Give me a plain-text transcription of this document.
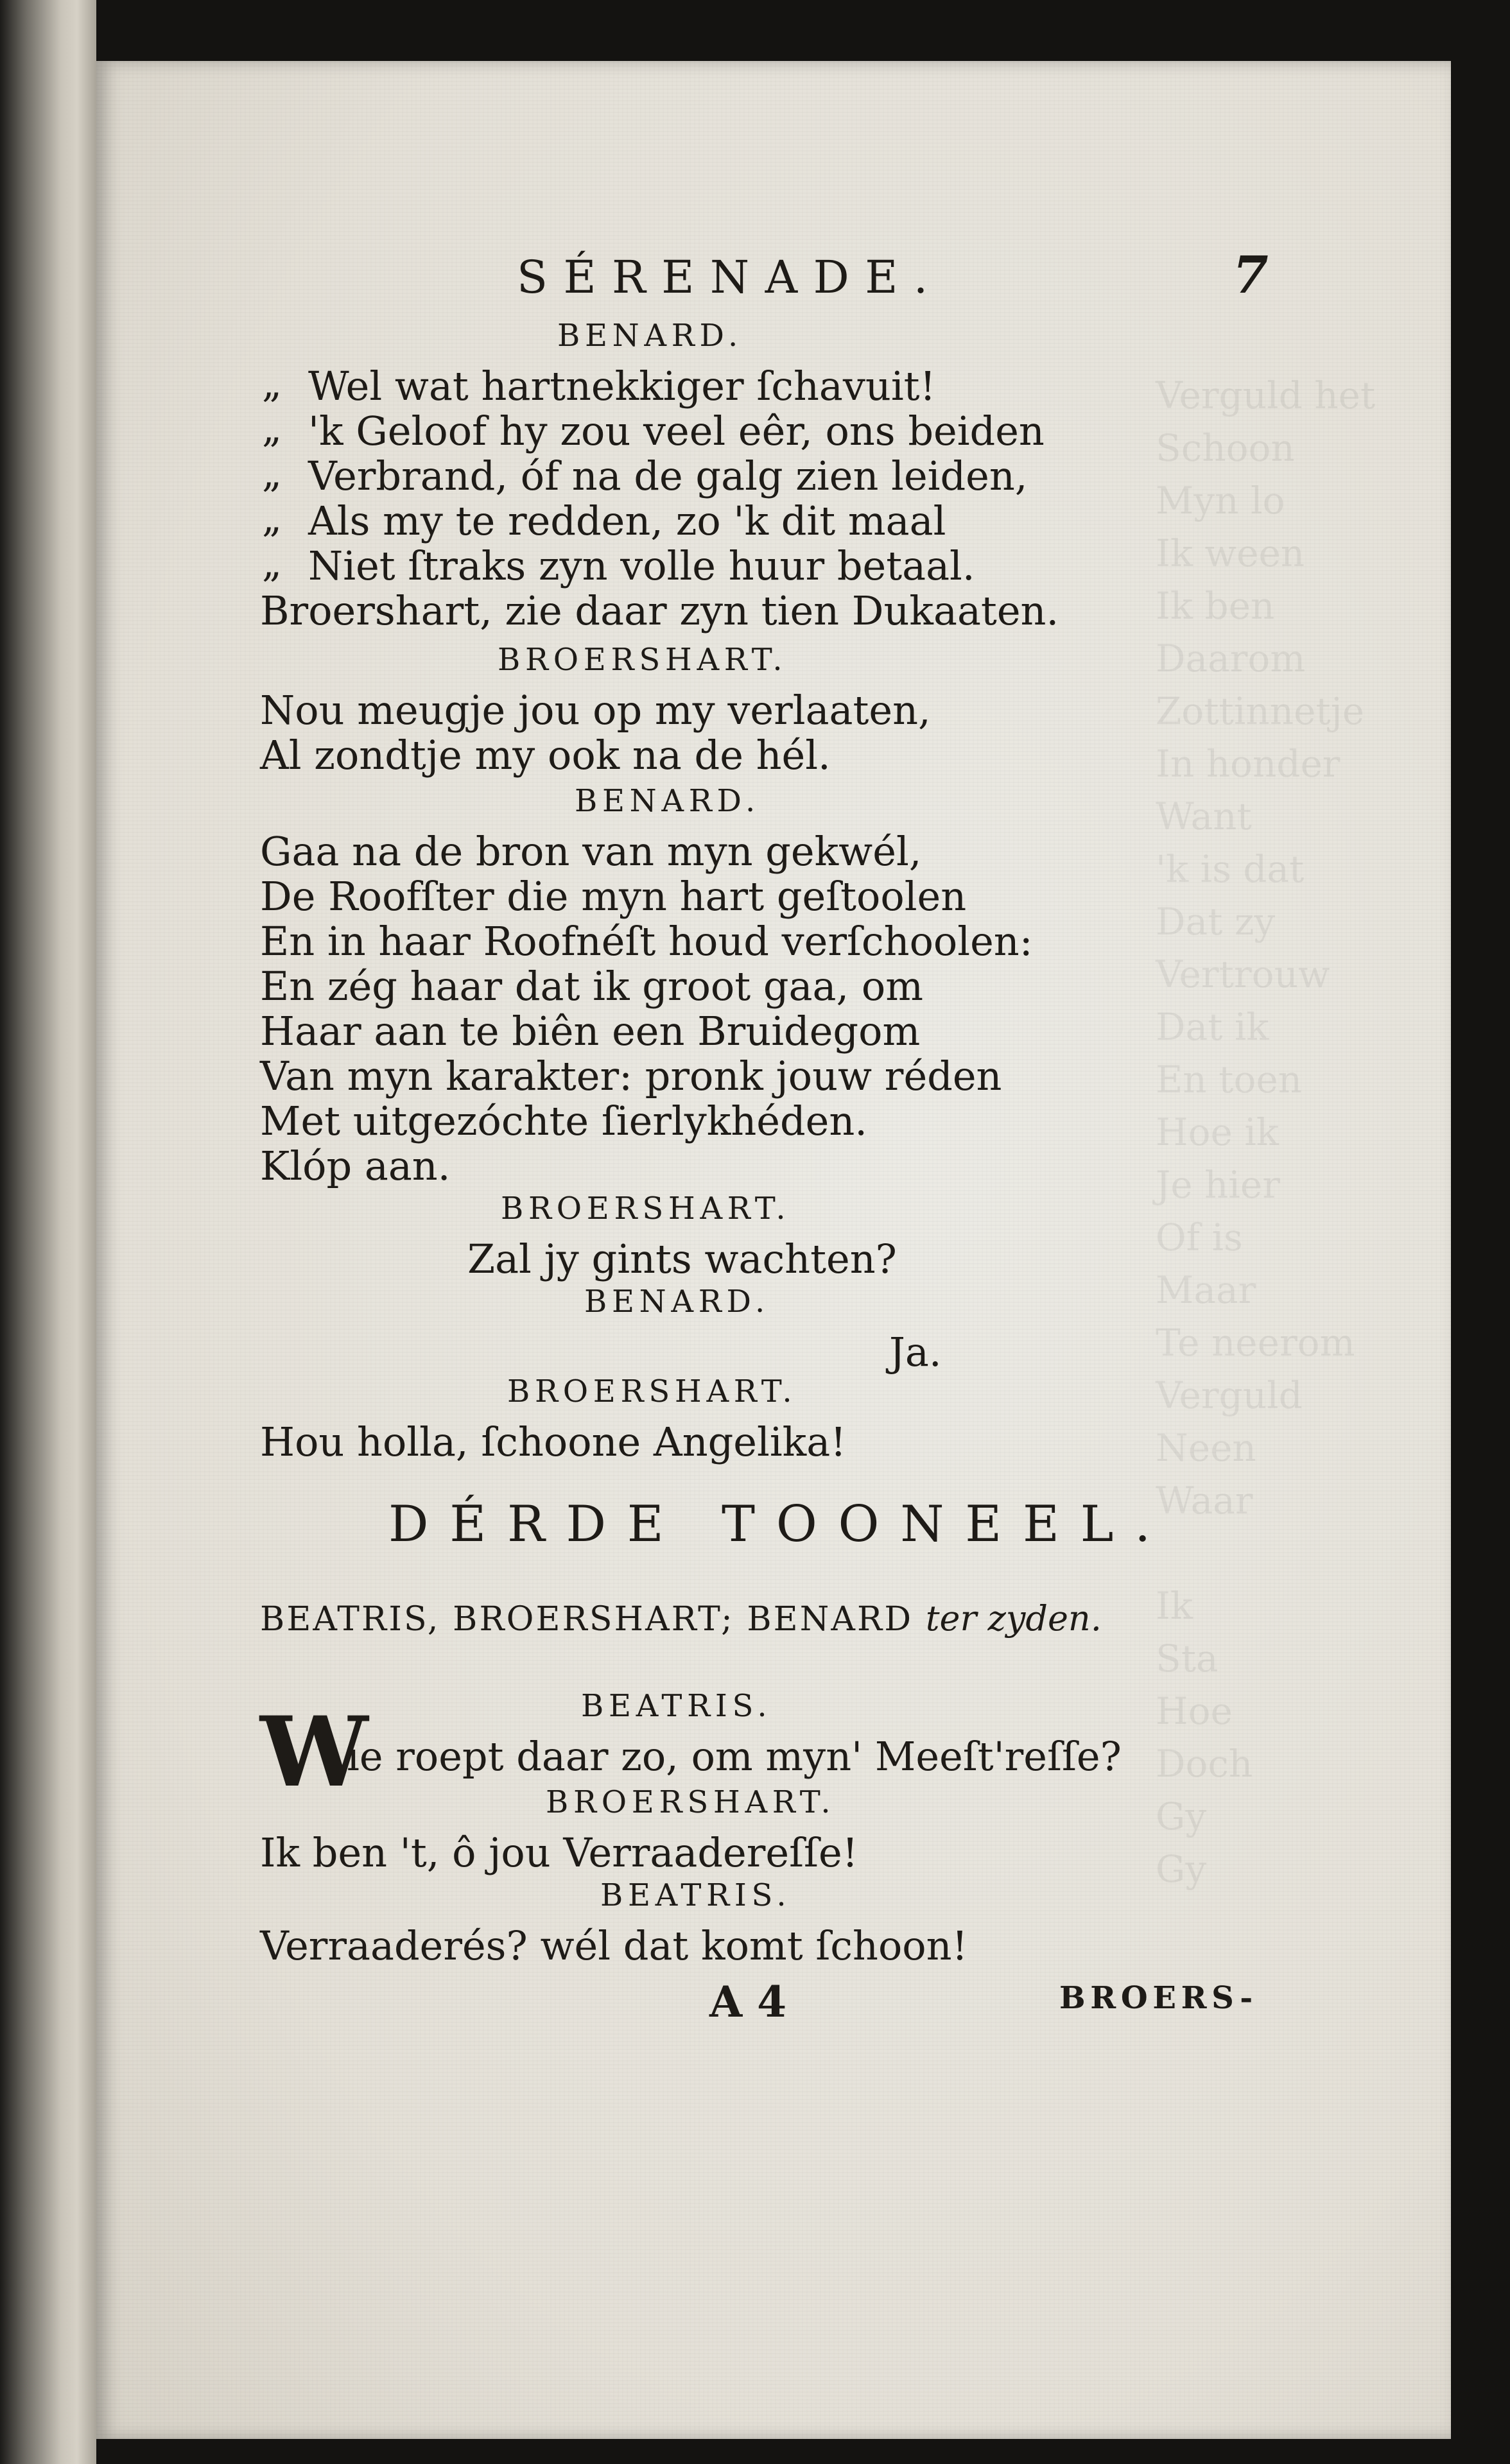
Verguld het
Schoon
Myn lo
Ik ween
Ik ben
Daarom
Zottinnetje
In honder
Want
'k is dat
Dat zy
Vertrouw
Dat ik
En toen
Hoe ik
Je hier
Of is
Maar
Te neerom
Verguld
Neen
Waar

Ik
Sta
Hoe
Doch
Gy
Gy
SÉRENADE.	7
BENARD.
„ Wel wat hartnekkiger ſchavuit!
„ 'k Geloof hy zou veel eêr, ons beiden
„ Verbrand, óf na de galg zien leiden,
„ Als my te redden, zo 'k dit maal
„ Niet ſtraks zyn volle huur betaal.
Broershart, zie daar zyn tien Dukaaten.
BROERSHART.
Nou meugje jou op my verlaaten,
Al zondtje my ook na de hél.
BENARD.
Gaa na de bron van myn gekwél,
De Roofſter die myn hart geſtoolen
En in haar Roofnéſt houd verſchoolen:
En zég haar dat ik groot gaa, om
Haar aan te biên een Bruidegom
Van myn karakter: pronk jouw réden
Met uitgezóchte ſierlykhéden.
Klóp aan.
BROERSHART.
Zal jy gints wachten?
BENARD.
Ja.
BROERSHART.
Hou holla, ſchoone Angelika!
DÉRDE TOONEEL.
BEATRIS, BROERSHART; BENARD ter zyden.
BEATRIS.
W
ie roept daar zo, om myn' Meeſt'reſſe?
BROERSHART.
Ik ben 't, ô jou Verraadereſſe!
BEATRIS.
Verraaderés? wél dat komt ſchoon!
A 4	BROERS-
